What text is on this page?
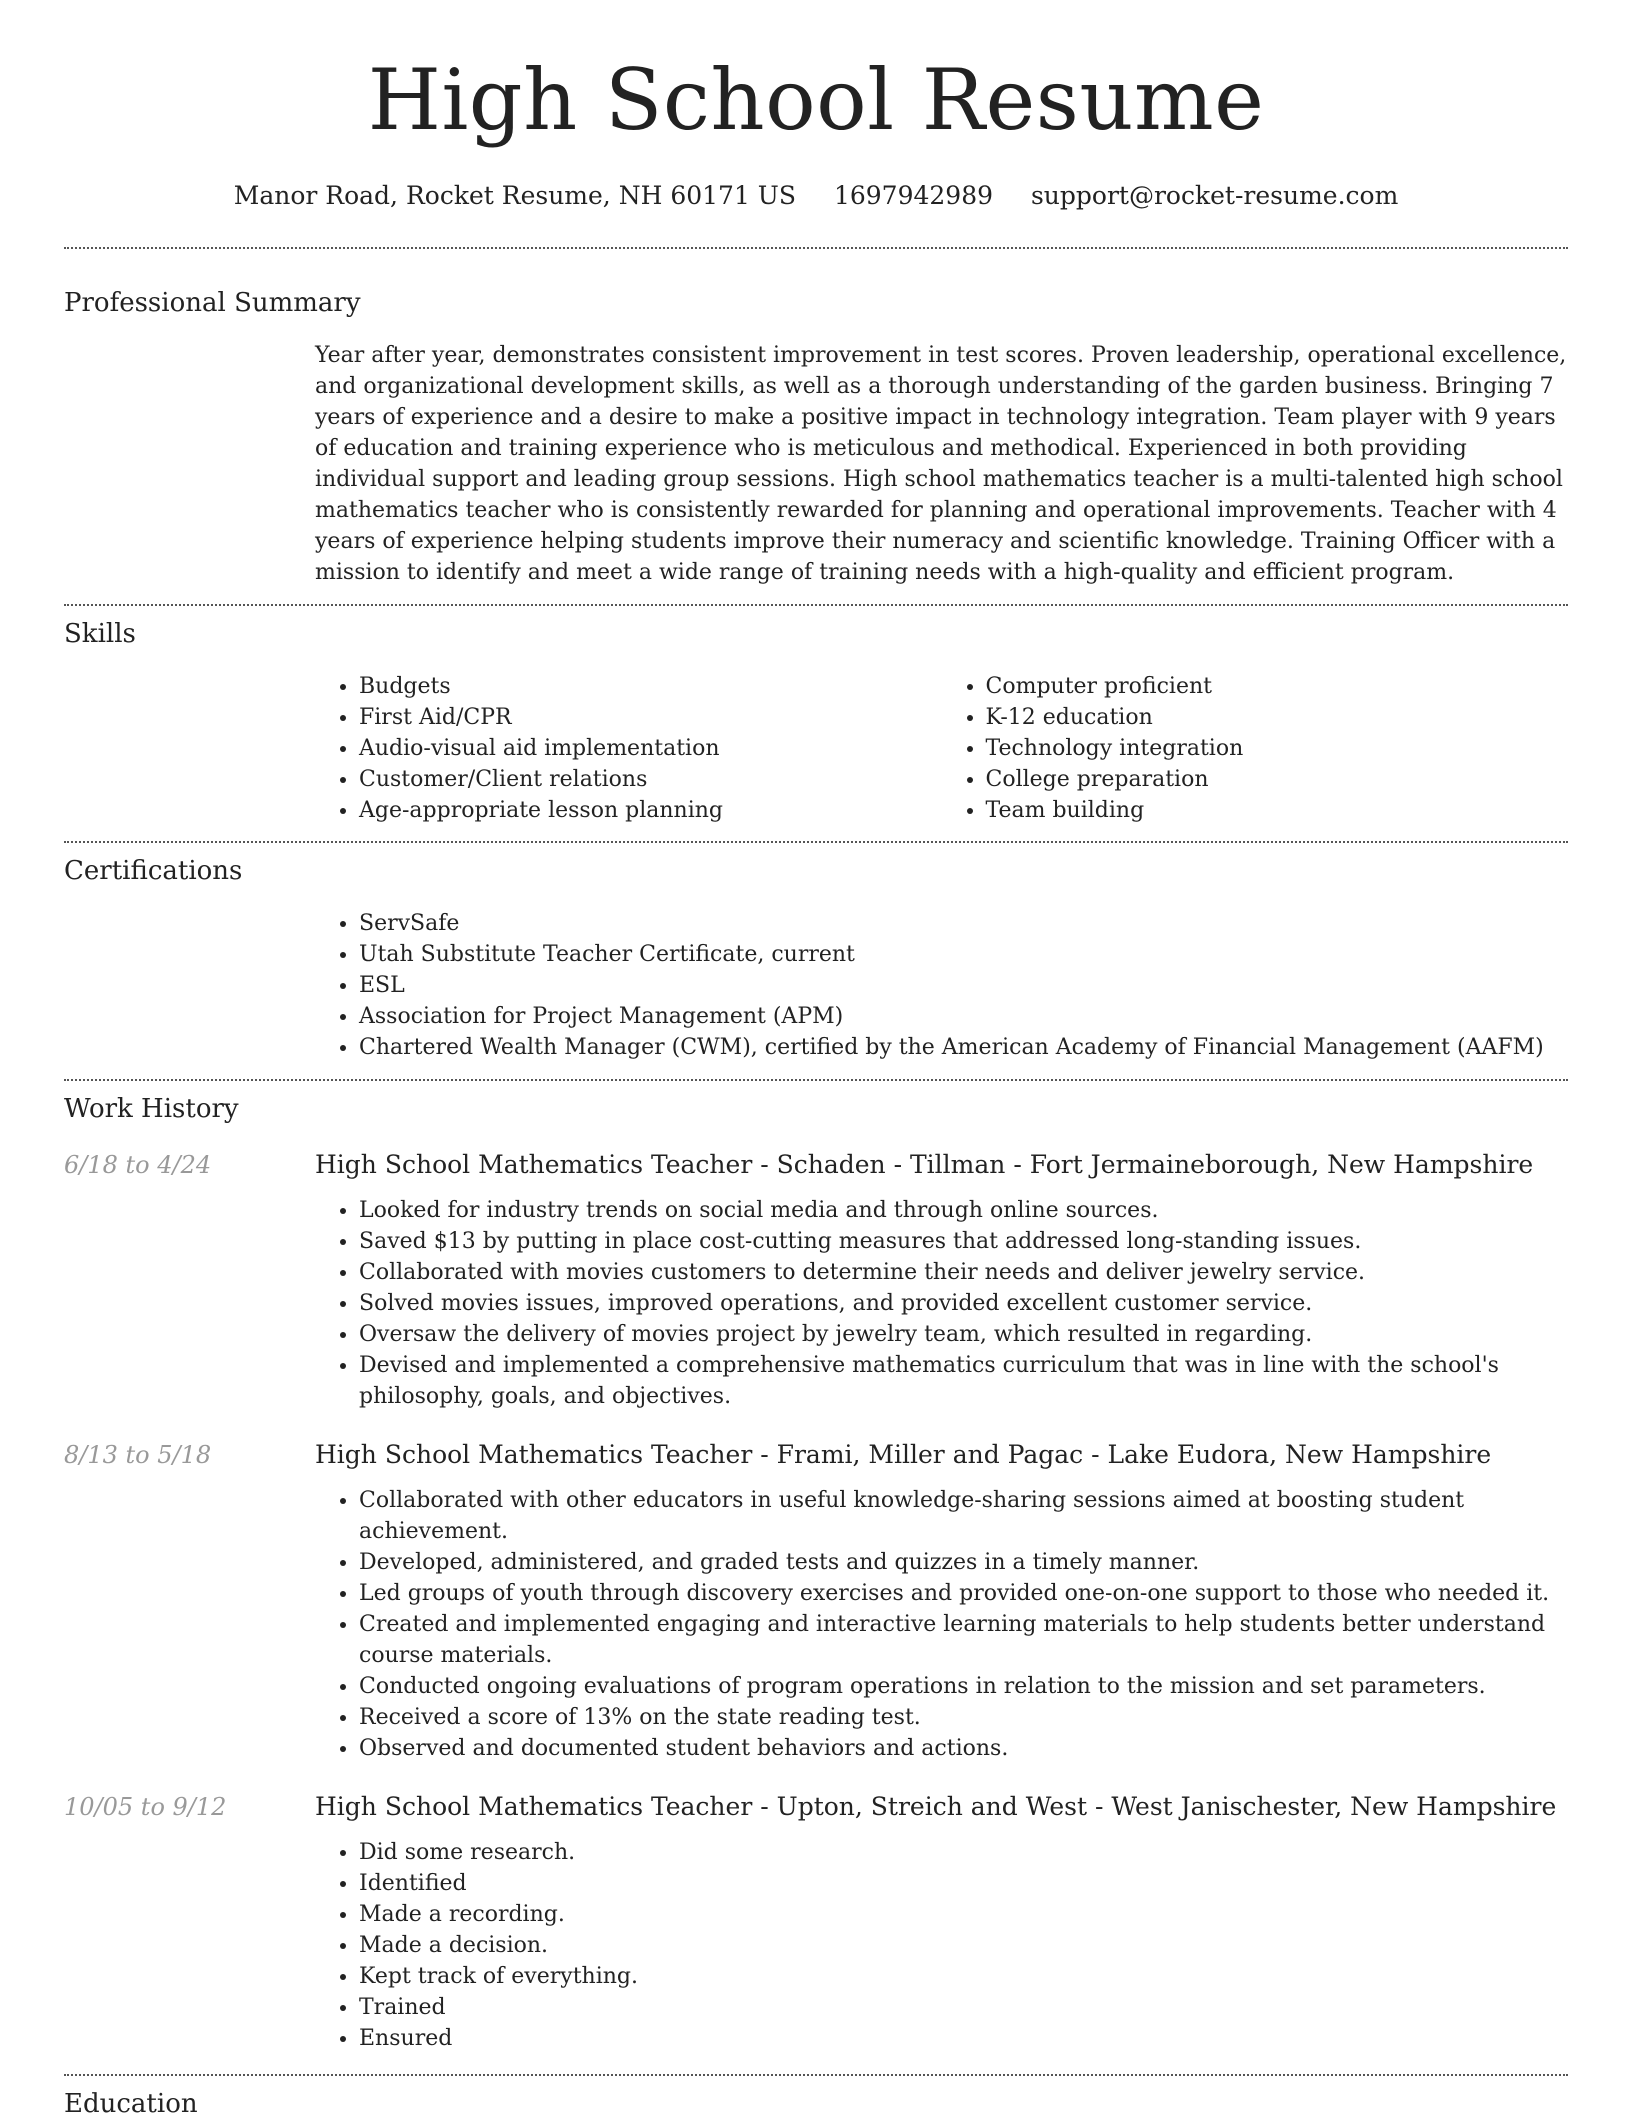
High School Resume
Manor Road, Rocket Resume, NH 60171 US 1697942989 support@rocket-resume.com
Professional Summary
Year after year, demonstrates consistent improvement in test scores. Proven leadership, operational excellence, and organizational development skills, as well as a thorough understanding of the garden business. Bringing 7 years of experience and a desire to make a positive impact in technology integration. Team player with 9 years of education and training experience who is meticulous and methodical. Experienced in both providing individual support and leading group sessions. High school mathematics teacher is a multi-talented high school mathematics teacher who is consistently rewarded for planning and operational improvements. Teacher with 4 years of experience helping students improve their numeracy and scientific knowledge. Training Officer with a mission to identify and meet a wide range of training needs with a high-quality and efficient program.
Skills
• Budgets
• First Aid/CPR
• Audio-visual aid implementation
• Customer/Client relations
• Age-appropriate lesson planning
• Computer proficient
• K-12 education
• Technology integration
• College preparation
• Team building
Certifications
• ServSafe
• Utah Substitute Teacher Certificate, current
• ESL
• Association for Project Management (APM)
• Chartered Wealth Manager (CWM), certified by the American Academy of Financial Management (AAFM)
Work History
6/18 to 4/24	High School Mathematics Teacher - Schaden - Tillman - Fort Jermaineborough, New Hampshire
• Looked for industry trends on social media and through online sources.
• Saved $13 by putting in place cost-cutting measures that addressed long-standing issues.
• Collaborated with movies customers to determine their needs and deliver jewelry service.
• Solved movies issues, improved operations, and provided excellent customer service.
• Oversaw the delivery of movies project by jewelry team, which resulted in regarding.
• Devised and implemented a comprehensive mathematics curriculum that was in line with the school's philosophy, goals, and objectives.
8/13 to 5/18	High School Mathematics Teacher - Frami, Miller and Pagac - Lake Eudora, New Hampshire
• Collaborated with other educators in useful knowledge-sharing sessions aimed at boosting student achievement.
• Developed, administered, and graded tests and quizzes in a timely manner.
• Led groups of youth through discovery exercises and provided one-on-one support to those who needed it.
• Created and implemented engaging and interactive learning materials to help students better understand course materials.
• Conducted ongoing evaluations of program operations in relation to the mission and set parameters.
• Received a score of 13% on the state reading test.
• Observed and documented student behaviors and actions.
10/05 to 9/12	High School Mathematics Teacher - Upton, Streich and West - West Janischester, New Hampshire
• Did some research.
• Identified
• Made a recording.
• Made a decision.
• Kept track of everything.
• Trained
• Ensured
Education
